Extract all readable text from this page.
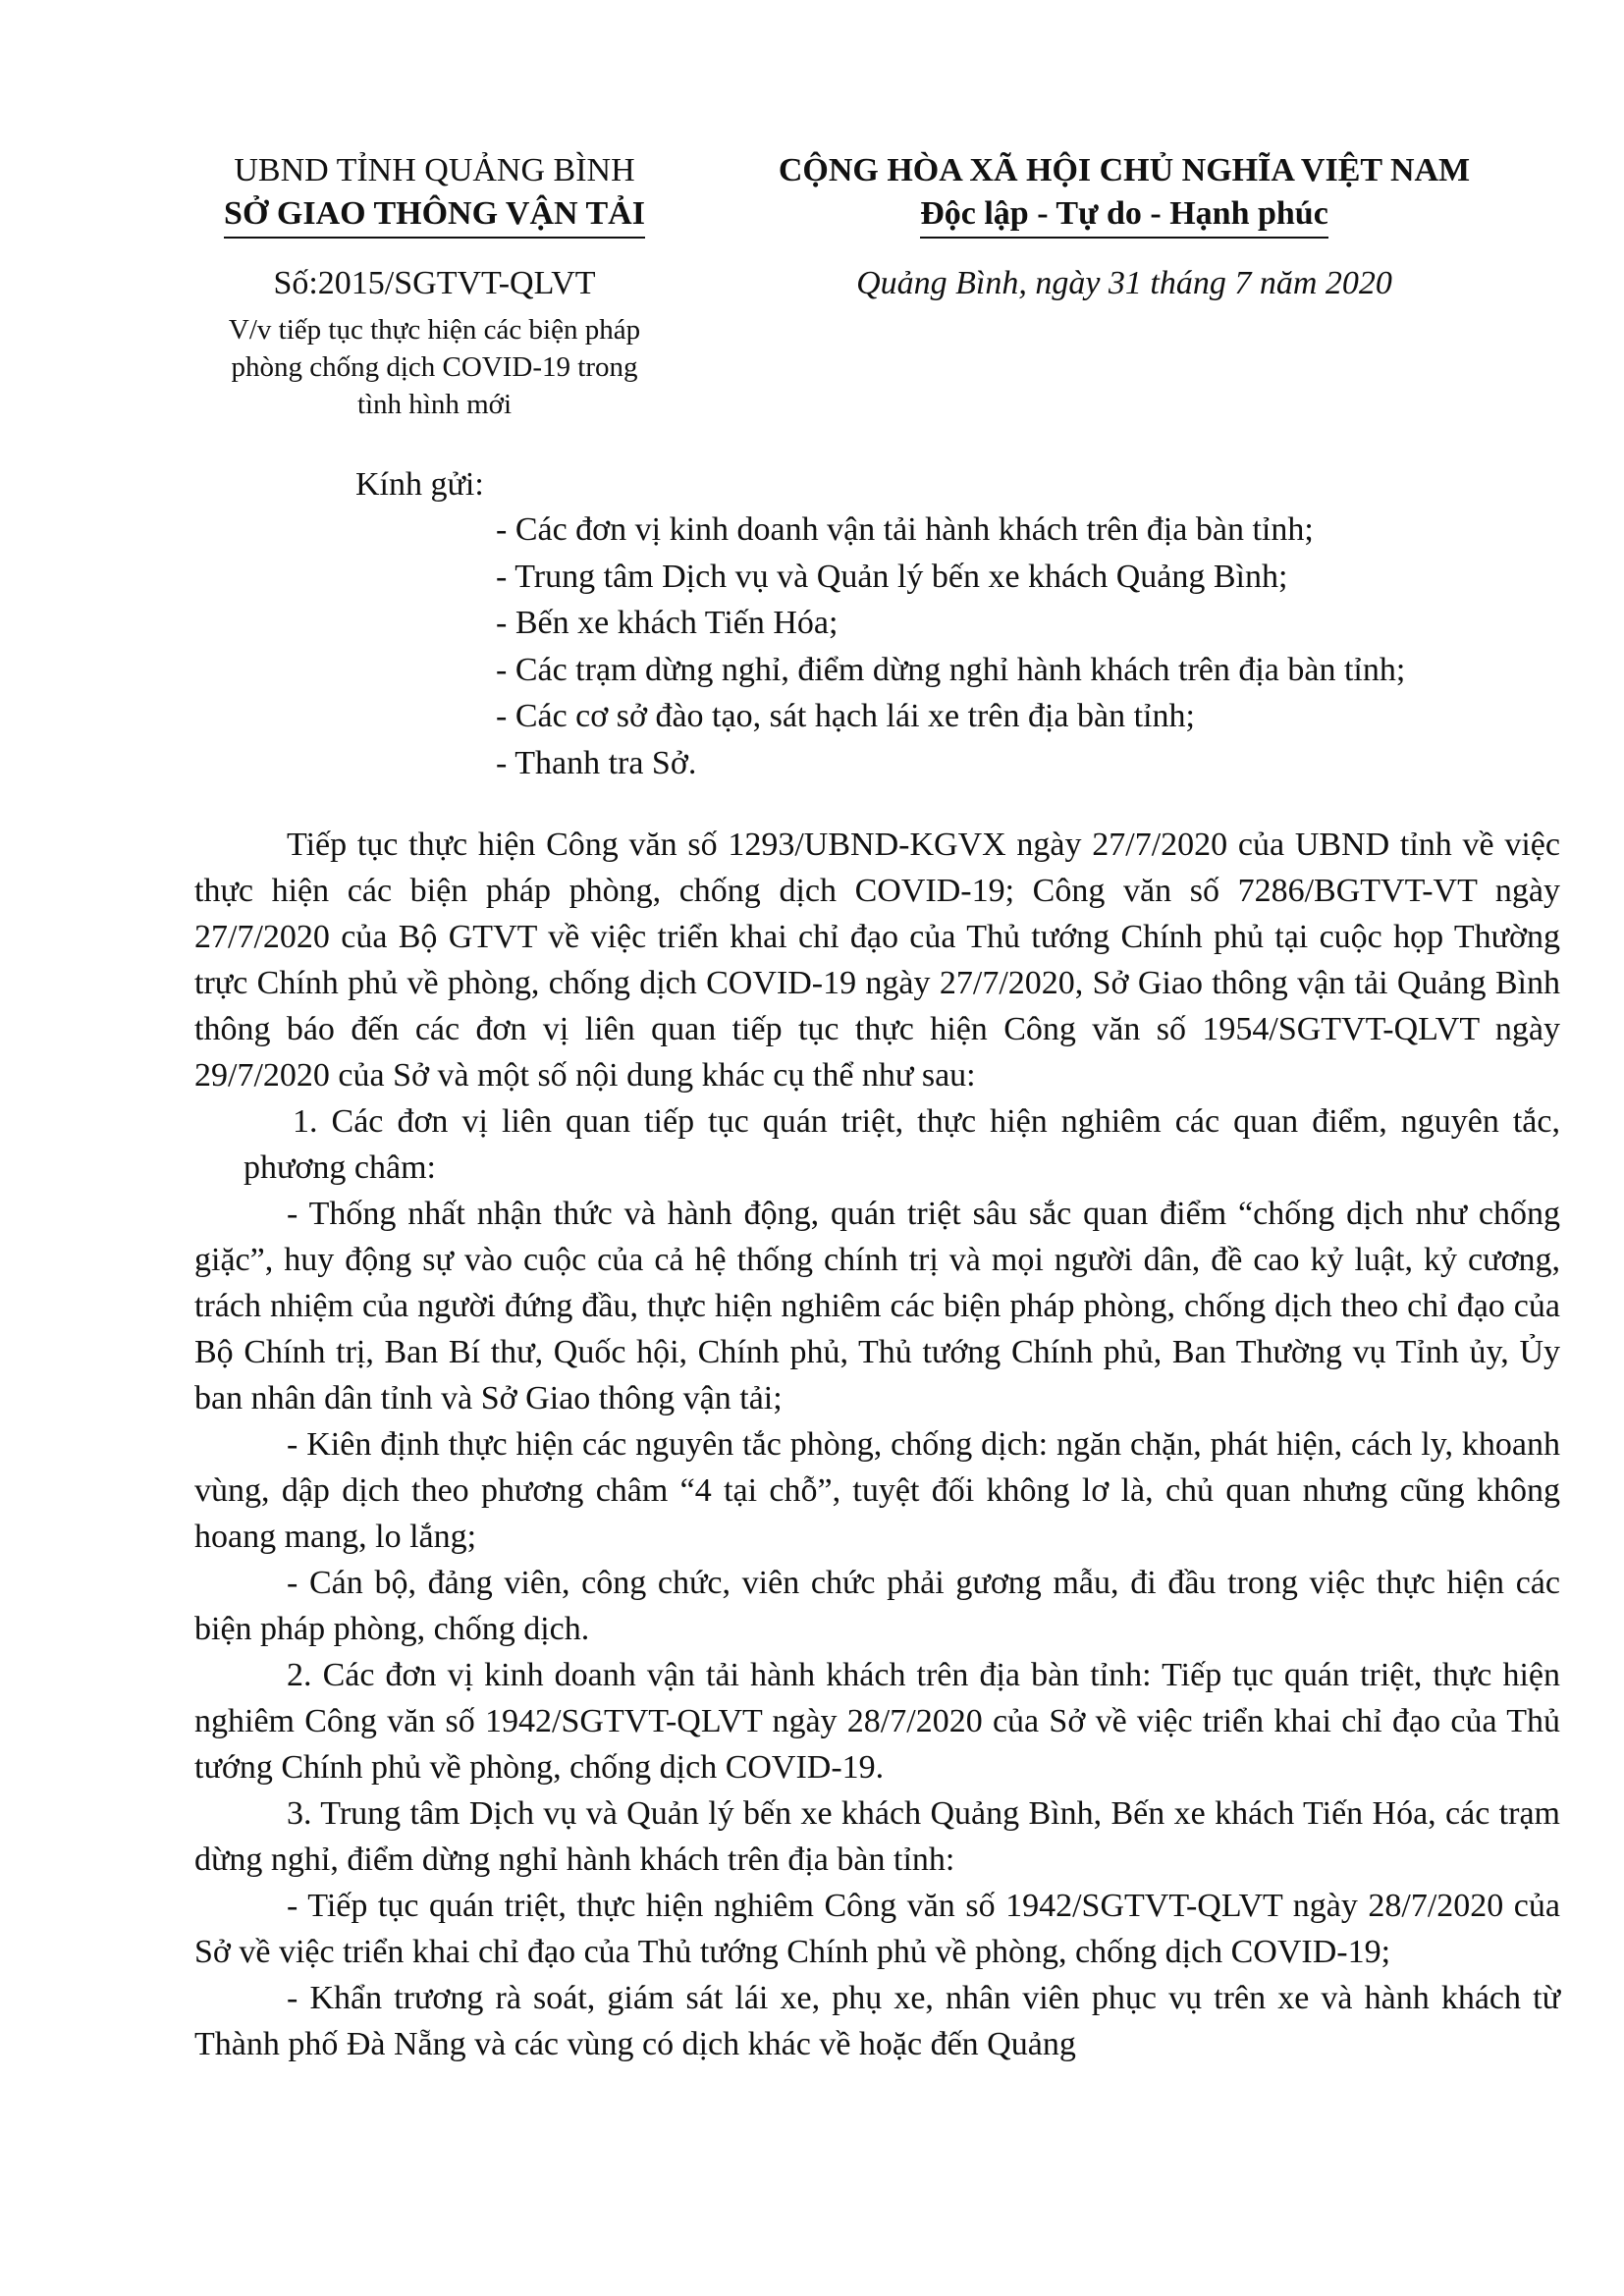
UBND TỈNH QUẢNG BÌNH
SỞ GIAO THÔNG VẬN TẢI
Số:2015/SGTVT-QLVT
V/v tiếp tục thực hiện các biện pháp
phòng chống dịch COVID-19 trong
tình hình mới
CỘNG HÒA XÃ HỘI CHỦ NGHĨA VIỆT NAM
Độc lập - Tự do - Hạnh phúc
Quảng Bình, ngày 31 tháng 7 năm 2020
Kính gửi:
- Các đơn vị kinh doanh vận tải hành khách trên địa bàn tỉnh;
- Trung tâm Dịch vụ và Quản lý bến xe khách Quảng Bình;
- Bến xe khách Tiến Hóa;
- Các trạm dừng nghỉ, điểm dừng nghỉ hành khách trên địa bàn tỉnh;
- Các cơ sở đào tạo, sát hạch lái xe trên địa bàn tỉnh;
- Thanh tra Sở.

Tiếp tục thực hiện Công văn số 1293/UBND-KGVX ngày 27/7/2020 của UBND tỉnh về việc thực hiện các biện pháp phòng, chống dịch COVID-19; Công văn số 7286/BGTVT-VT ngày 27/7/2020 của Bộ GTVT về việc triển khai chỉ đạo của Thủ tướng Chính phủ tại cuộc họp Thường trực Chính phủ về phòng, chống dịch COVID-19 ngày 27/7/2020, Sở Giao thông vận tải Quảng Bình thông báo đến các đơn vị liên quan tiếp tục thực hiện Công văn số 1954/SGTVT-QLVT ngày 29/7/2020 của Sở và một số nội dung khác cụ thể như sau:

1. Các đơn vị liên quan tiếp tục quán triệt, thực hiện nghiêm các quan điểm, nguyên tắc, phương châm:

- Thống nhất nhận thức và hành động, quán triệt sâu sắc quan điểm “chống dịch như chống giặc”, huy động sự vào cuộc của cả hệ thống chính trị và mọi người dân, đề cao kỷ luật, kỷ cương, trách nhiệm của người đứng đầu, thực hiện nghiêm các biện pháp phòng, chống dịch theo chỉ đạo của Bộ Chính trị, Ban Bí thư, Quốc hội, Chính phủ, Thủ tướng Chính phủ, Ban Thường vụ Tỉnh ủy, Ủy ban nhân dân tỉnh và Sở Giao thông vận tải;

- Kiên định thực hiện các nguyên tắc phòng, chống dịch: ngăn chặn, phát hiện, cách ly, khoanh vùng, dập dịch theo phương châm “4 tại chỗ”, tuyệt đối không lơ là, chủ quan nhưng cũng không hoang mang, lo lắng;

- Cán bộ, đảng viên, công chức, viên chức phải gương mẫu, đi đầu trong việc thực hiện các biện pháp phòng, chống dịch.

2. Các đơn vị kinh doanh vận tải hành khách trên địa bàn tỉnh: Tiếp tục quán triệt, thực hiện nghiêm Công văn số 1942/SGTVT-QLVT ngày 28/7/2020 của Sở về việc triển khai chỉ đạo của Thủ tướng Chính phủ về phòng, chống dịch COVID-19.

3. Trung tâm Dịch vụ và Quản lý bến xe khách Quảng Bình, Bến xe khách Tiến Hóa, các trạm dừng nghỉ, điểm dừng nghỉ hành khách trên địa bàn tỉnh:

- Tiếp tục quán triệt, thực hiện nghiêm Công văn số 1942/SGTVT-QLVT ngày 28/7/2020 của Sở về việc triển khai chỉ đạo của Thủ tướng Chính phủ về phòng, chống dịch COVID-19;

- Khẩn trương rà soát, giám sát lái xe, phụ xe, nhân viên phục vụ trên xe và hành khách từ Thành phố Đà Nẵng và các vùng có dịch khác về hoặc đến Quảng
